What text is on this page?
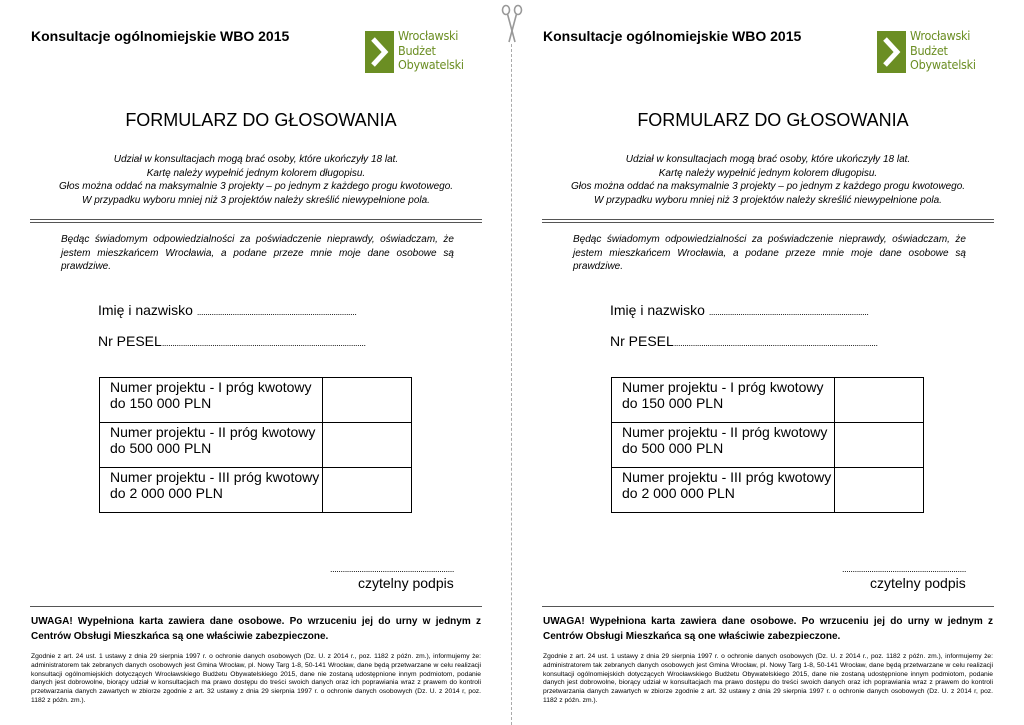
Konsultacje ogólnomiejskie WBO 2015	Wrocławski
Budżet
Obywatelski
FORMULARZ DO GŁOSOWANIA
Udział w konsultacjach mogą brać osoby, które ukończyły 18 lat.
Kartę należy wypełnić jednym kolorem długopisu.
Głos można oddać na maksymalnie 3 projekty – po jednym z każdego progu kwotowego.
W przypadku wyboru mniej niż 3 projektów należy skreślić niewypełnione pola.
Będąc świadomym odpowiedzialności za poświadczenie nieprawdy, oświadczam, że jestem mieszkańcem Wrocławia, a podane przeze mnie moje dane osobowe są prawdziwe.
Imię i nazwisko ............................................................................
Nr PESEL.................................................................................................
Numer projektu - I próg kwotowy
do 150 000 PLN	

Numer projektu - II próg kwotowy
do 500 000 PLN	

Numer projektu - III próg kwotowy
do 2 000 000 PLN	

...........................................................
czytelny podpis
UWAGA! Wypełniona karta zawiera dane osobowe. Po wrzuceniu jej do urny w jednym z Centrów Obsługi Mieszkańca są one właściwie zabezpieczone.
Zgodnie z art. 24 ust. 1 ustawy z dnia 29 sierpnia 1997 r. o ochronie danych osobowych (Dz. U. z 2014 r., poz. 1182 z późn. zm.), informujemy że: administratorem tak zebranych danych osobowych jest Gmina Wrocław, pl. Nowy Targ 1-8, 50-141 Wrocław, dane będą przetwarzane w celu realizacji konsultacji ogólnomiejskich dotyczących Wrocławskiego Budżetu Obywatelskiego 2015, dane nie zostaną udostępnione innym podmiotom, podanie danych jest dobrowolne, biorący udział w konsultacjach ma prawo dostępu do treści swoich danych oraz ich poprawiania wraz z prawem do kontroli przetwarzania danych zawartych w zbiorze zgodnie z art. 32 ustawy z dnia 29 sierpnia 1997 r. o ochronie danych osobowych (Dz. U. z 2014 r, poz. 1182 z późn. zm.).
Konsultacje ogólnomiejskie WBO 2015	Wrocławski
Budżet
Obywatelski
FORMULARZ DO GŁOSOWANIA
Udział w konsultacjach mogą brać osoby, które ukończyły 18 lat.
Kartę należy wypełnić jednym kolorem długopisu.
Głos można oddać na maksymalnie 3 projekty – po jednym z każdego progu kwotowego.
W przypadku wyboru mniej niż 3 projektów należy skreślić niewypełnione pola.
Będąc świadomym odpowiedzialności za poświadczenie nieprawdy, oświadczam, że jestem mieszkańcem Wrocławia, a podane przeze mnie moje dane osobowe są prawdziwe.
Imię i nazwisko ............................................................................
Nr PESEL.................................................................................................
Numer projektu - I próg kwotowy
do 150 000 PLN	

Numer projektu - II próg kwotowy
do 500 000 PLN	

Numer projektu - III próg kwotowy
do 2 000 000 PLN	

...........................................................
czytelny podpis
UWAGA! Wypełniona karta zawiera dane osobowe. Po wrzuceniu jej do urny w jednym z Centrów Obsługi Mieszkańca są one właściwie zabezpieczone.
Zgodnie z art. 24 ust. 1 ustawy z dnia 29 sierpnia 1997 r. o ochronie danych osobowych (Dz. U. z 2014 r., poz. 1182 z późn. zm.), informujemy że: administratorem tak zebranych danych osobowych jest Gmina Wrocław, pl. Nowy Targ 1-8, 50-141 Wrocław, dane będą przetwarzane w celu realizacji konsultacji ogólnomiejskich dotyczących Wrocławskiego Budżetu Obywatelskiego 2015, dane nie zostaną udostępnione innym podmiotom, podanie danych jest dobrowolne, biorący udział w konsultacjach ma prawo dostępu do treści swoich danych oraz ich poprawiania wraz z prawem do kontroli przetwarzania danych zawartych w zbiorze zgodnie z art. 32 ustawy z dnia 29 sierpnia 1997 r. o ochronie danych osobowych (Dz. U. z 2014 r, poz. 1182 z późn. zm.).
